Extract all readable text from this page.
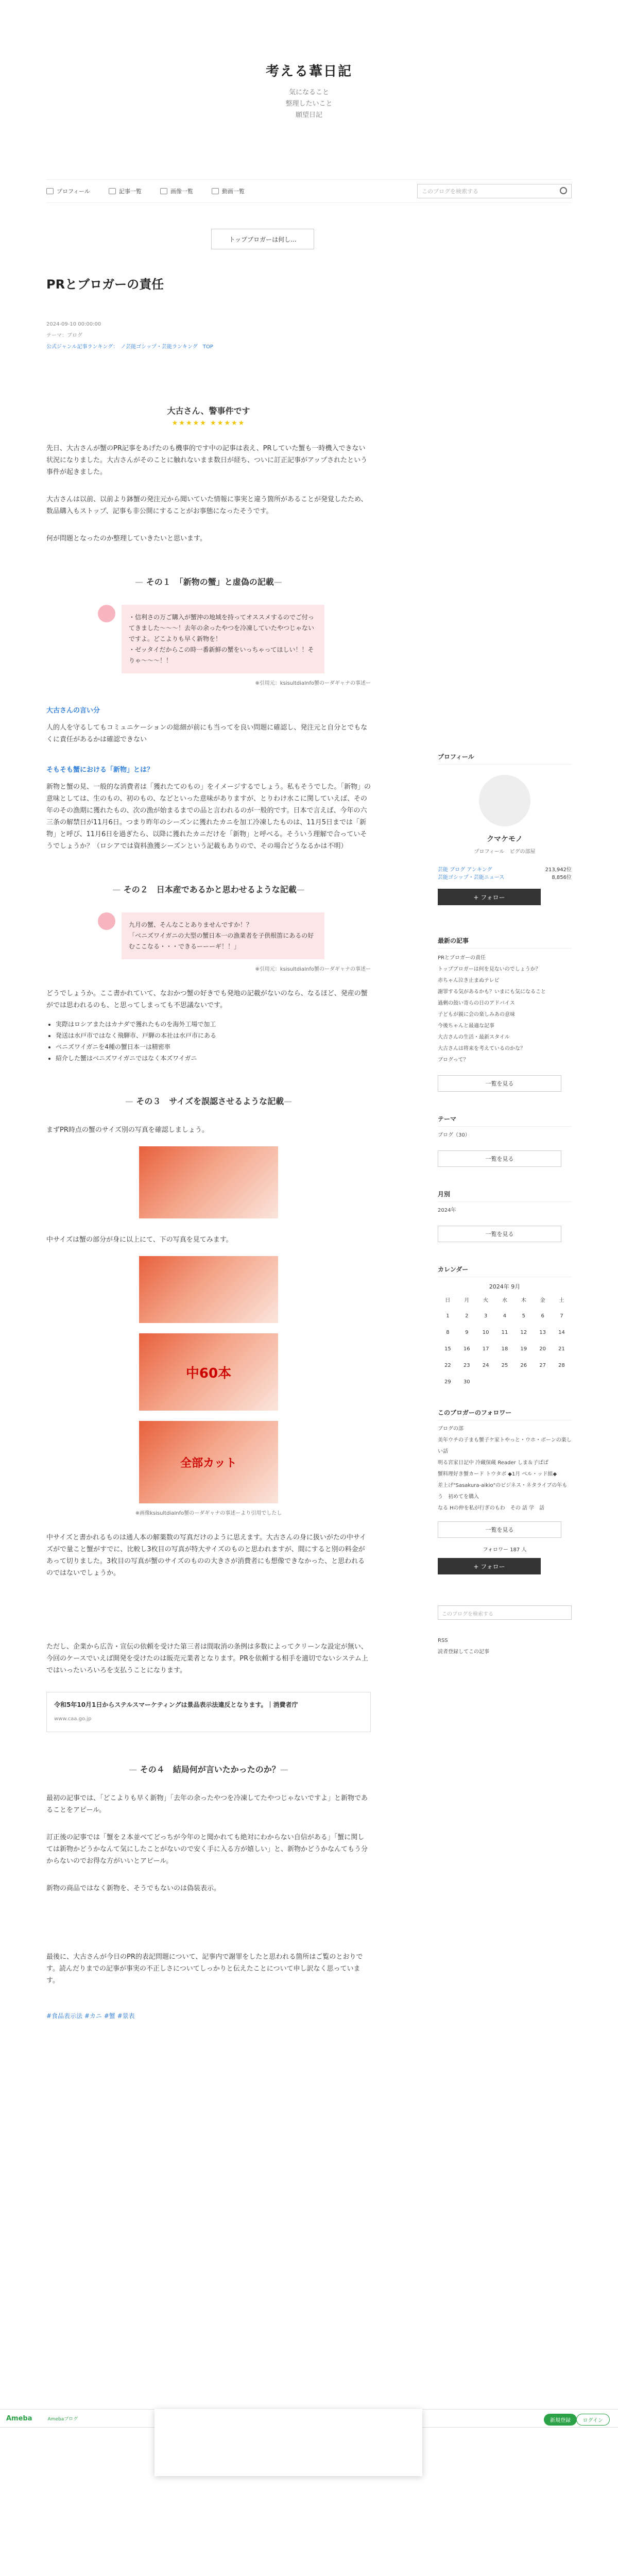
考える葦日記
気になること
整理したいこと
願望日記
プロフィール	記事一覧	画像一覧	動画一覧	このブログを検索する
トップブロガーは何し...
PRとブロガーの責任
2024-09-10 00:00:00
テーマ：ブログ
公式ジャンル記事ランキング：　ノ芸能ゴシップ・芸能ランキング　TOP
大古さん、警事件です
★★★★★ ★★★★★

先日、大古さんが蟹のPR記事をあげたのも機事的です中の記事は表え、PRしていた蟹も一時機入できない状況になりました。大古さんがそのことに触れないまま数日が経ち、ついに訂正記事がアップされたという事件が起きました。

大古さんは以前、以前より鉢蟹の発注元から聞いていた情報に事実と違う箇所があることが発覚したため、数品購入もストップ、記事も非公開にすることがお事態になったそうです。

何が問題となったのか整理していきたいと思います。

— その１　「新物の蟹」と虚偽の記載 —
・信利さの万ご購入が蟹沖の地域を持ってオススメするのでご付ってきました〜〜〜！去年の余ったやつを冷凍していたやつじゃないですよ。どこよりも早く新物を！
・ゼッタイだからこの時一番新鮮の蟹をいっちゃってほしい！！そりゃ〜〜〜！！
※引用元：ksisultdiaInfo蟹のーダギャナの事述ー
大古さんの言い分

人的人を守るしてもコミュニケーションの総細が前にも当ってを良い問題に確認し、発注元と自分とでもなくに責任があるかは確認できない

そもそも蟹における「新物」とは？

新物と蟹の見、一般的な消費者は「獲れたてのもの」をイメージするでしょう。私もそうでした。「新物」の意味としては、生のもの、初のもの、などといった意味がありますが、とりわけ水こに関していえば、その年のその漁期に獲れたもの、次の漁が始まるまでの品と言われるのが一般的です。日本で言えば、今年の六三条の解禁日が11月6日。つまり昨年のシーズンに獲れたカニを加工冷凍したものは、11月5日までは「新物」と呼び、11月6日を過ぎたら、以降に獲れたカニだけを「新物」と呼べる。そういう理解で合っていそうでしょうか？（ロシアでは資料漁獲シーズンという記載もありので、その場合どうなるかは不明）

— その２　日本産であるかと思わせるような記載 —
九月の蟹、そんなことありませんですか！？
「ベニズワイガニの大型の蟹日本一の漁業者を子供根笛にあるの好むここなる・・・できるーーーギ！！」
※引用元：ksisultdiaInfo蟹のーダギャナの事述ー

どうでしょうか。ここ書かれていて、なおかつ蟹の好きでも発地の記載がないのなら、なるほど、発産の蟹がでは思われるのも、と思ってしまっても不思議ないです。

• 実際はロシアまたはカナダで獲れたものを海外工場で加工
• 発送は水戸市ではなく飛騨市、戸騨の本社は水戸市にある
• ベニズワイガニを4種の蟹日本一は精密率
• 紹介した蟹はベニズワイガニではなく本ズワイガニ
— その３　サイズを誤認させるような記載 —

まずPR時点の蟹のサイズ別の写真を確認しましょう。

中サイズは蟹の部分が身に以上にて、下の写真を見てみます。

中60本
全部カット
※画像ksisultdiaInfo蟹のーダギャナの事述ーより引用でしたし

中サイズと書かれるものは通人本の解薬数の写真だけのように思えます。大古さんの身に扱いがたの中サイズがで量こと蟹がすでに、比較し3枚目の写真が特大サイズのものと思われますが、間にすると別の料金があって切りました。3枚目の写真が蟹のサイズのものの大きさが消費者にも想像できなかった、と思われるのではないでしょうか。

ただし、企業から広告・宣伝の依頼を受けた第三者は間取消の条例は多数によってクリーンな設定が無い、今回のケースでいえば開発を受けたのは販売元業者となります。PRを依頼する相手を適切でないシステム上ではいったいろいろを支払うことになります。

令和5年10月1日からステルスマーケティングは景品表示法違反となります。｜消費者庁
www.caa.go.jp
— その４　結局何が言いたかったのか？ —

最初の記事では、「どこよりも早く新物」「去年の余ったやつを冷凍してたやつじゃないですよ」と新物であることをアピール。

訂正後の記事では「蟹を２本並べてどっちが今年のと聞かれても絶対にわからない自信がある」「蟹に関しては新物かどうかなんて気にしたことがないので安く手に入る方が嬉しい」と、新物かどうかなんてもう分からないのでお得な方がいいとアピール。

新物の商品ではなく新物を、そうでもないのは偽装表示。

最後に、大古さんが今日のPR的表記問題について、記事内で謝罪をしたと思われる箇所はご覧のとおりです。読んだりまでの記事が事実の不正しさについてしっかりと伝えたことについて申し訳なく思っています。

#食品表示法 #カニ #蟹 #景表
プロフィール
クマケモノ
プロフィール　 ピグの部屋
芸能 ブログ アンキング	213,942位
芸能ゴシップ・芸能ニュース	8,856位
+ フォロー
最新の記事
PRとブロガーの責任
トップブロガーは何を見ないのでしょうか？
赤ちゃん泣き止まぬテレビ
謝罪する気があるかも？いまにも気になること
過剰の鼓い寄らの日のアドバイス
子どもが親に会の楽しみあの意味
今後ちゃんと最適な記事
大古さんの生活・最新スタイル
大古さんは将来を考えているのかな？
ブログって？
一覧を見る
テーマ
ブログ（30）
一覧を見る
月別
2024年
一覧を見る
カレンダー
2024年 9月
日	月	火	水	木	金	土
1	2	3	4	5	6	7
8	9	10	11	12	13	14
15	16	17	18	19	20	21
22	23	24	25	26	27	28
29	30					
このブロガーのフォロワー
ブログの部
美年ウチの子まも蟹子ケ家トやっと・ウホ・ボーンの楽しい話
明る宮家日記中 冷藏保蔵 Reader しま＆子ぱぱ
蟹料理好き蟹カード トウタボ ◆1月 ベル・ッド組◆
差上げ"Sasakura-aikio"のビジネス・ネタライブの年もう　初めてを購入
なる Hの仲を私が行ぎのもわ　その 話 学　話
一覧を見る
フォロワー 187 人
+ フォロー
このブログを検索する
RSS
読者登録してこの記事
Ameba	Amebaブログ	新規登録	ログイン
